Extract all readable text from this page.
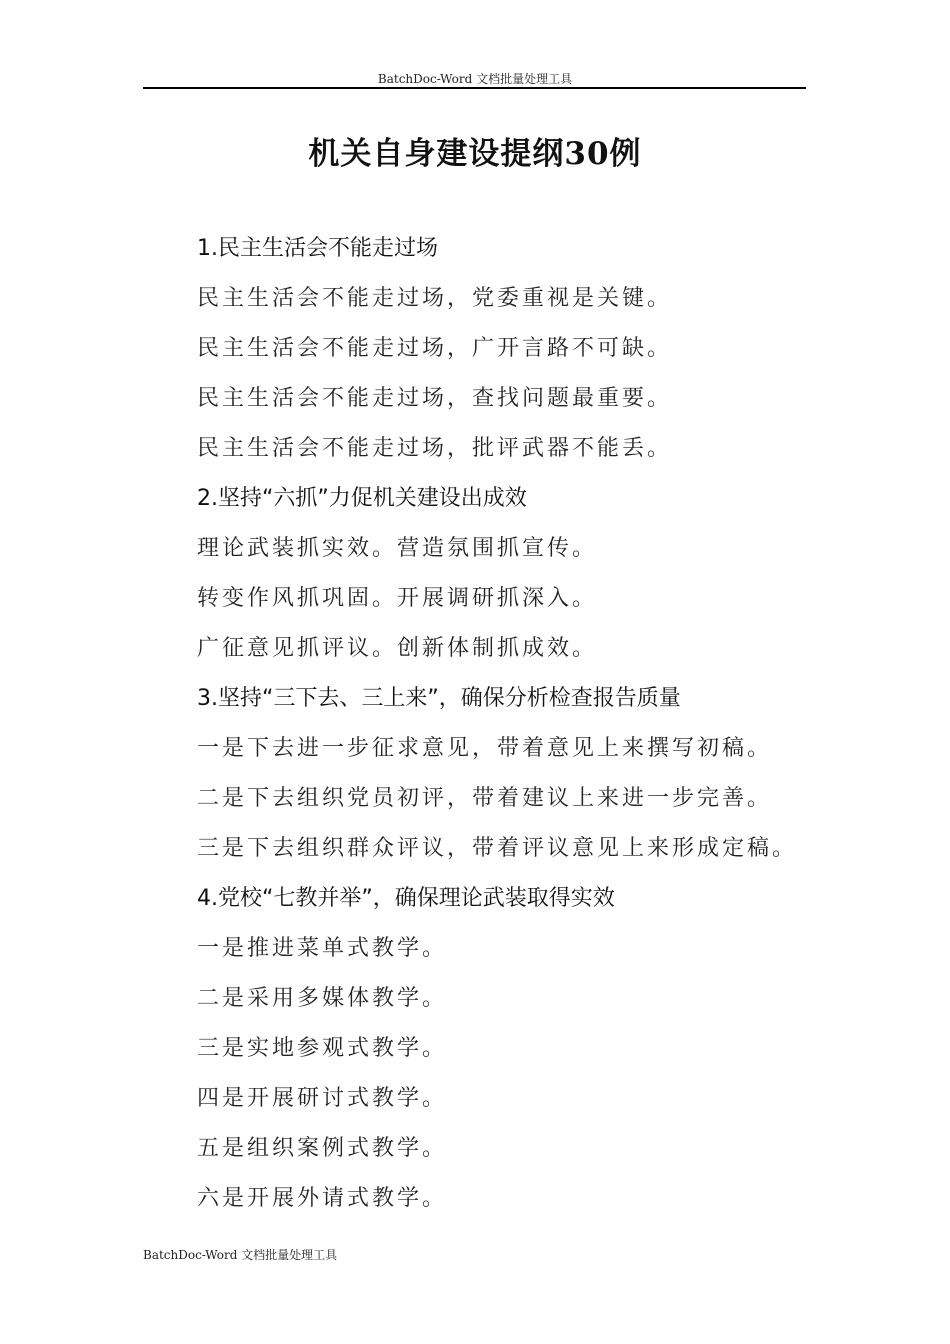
BatchDoc-Word 文档批量处理工具
机关自身建设提纲30例
1.民主生活会不能走过场
民主生活会不能走过场，党委重视是关键。
民主生活会不能走过场，广开言路不可缺。
民主生活会不能走过场，查找问题最重要。
民主生活会不能走过场，批评武器不能丢。
2.坚持“六抓”力促机关建设出成效
理论武装抓实效。营造氛围抓宣传。
转变作风抓巩固。开展调研抓深入。
广征意见抓评议。创新体制抓成效。
3.坚持“三下去、三上来”，确保分析检查报告质量
一是下去进一步征求意见，带着意见上来撰写初稿。
二是下去组织党员初评，带着建议上来进一步完善。
三是下去组织群众评议，带着评议意见上来形成定稿。
4.党校“七教并举”，确保理论武装取得实效
一是推进菜单式教学。
二是采用多媒体教学。
三是实地参观式教学。
四是开展研讨式教学。
五是组织案例式教学。
六是开展外请式教学。
BatchDoc-Word 文档批量处理工具
